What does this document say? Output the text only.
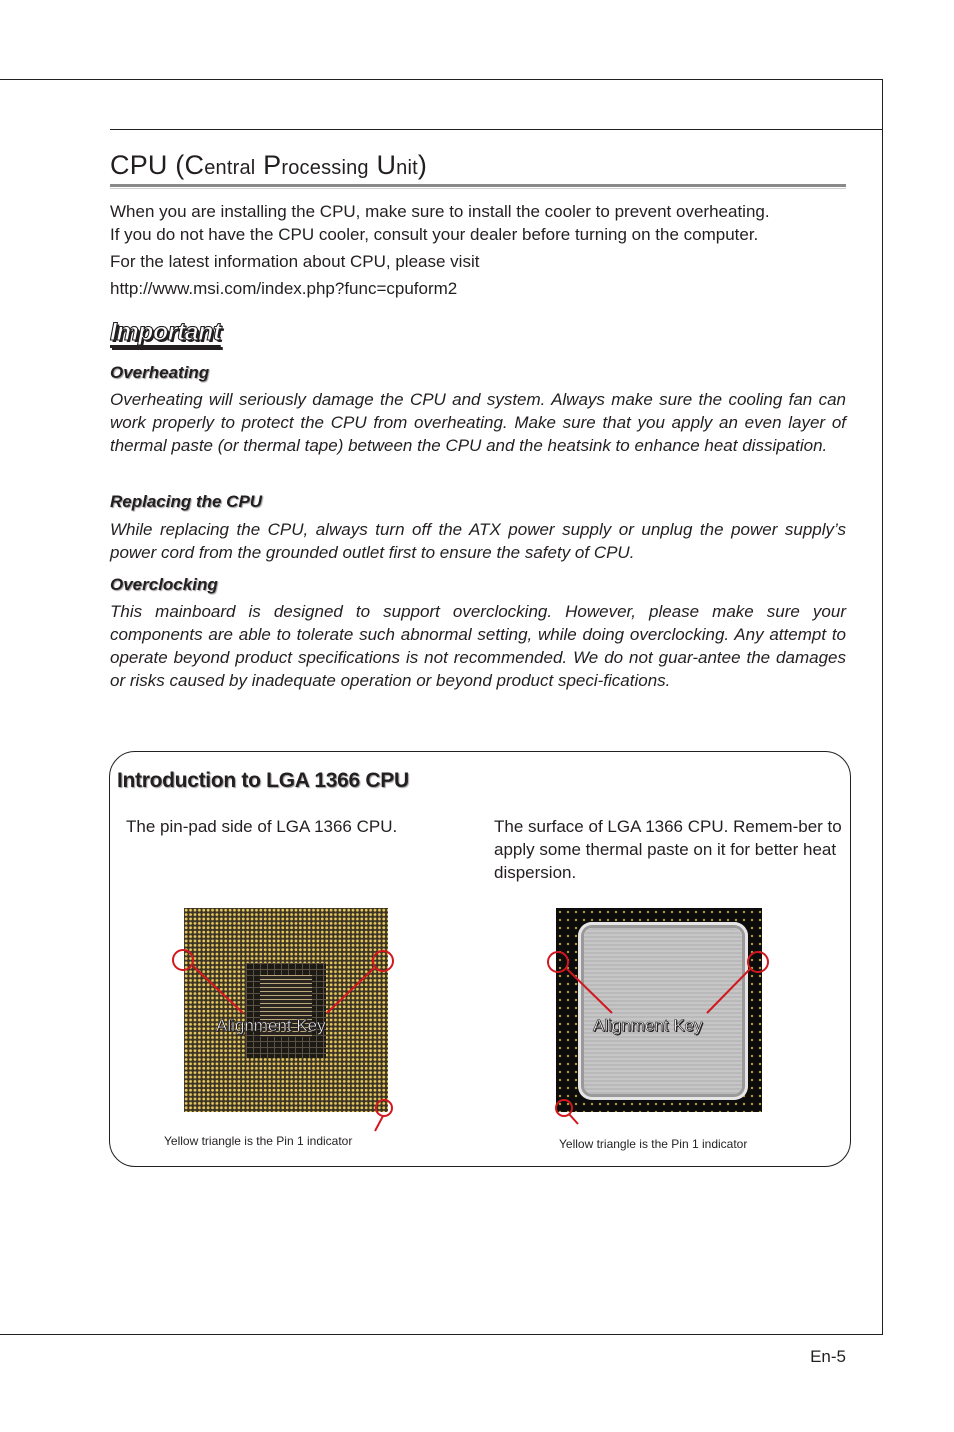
CPU (Central Processing Unit)
When you are installing the CPU, make sure to install the cooler to prevent overheating.
If you do not have the CPU cooler, consult your dealer before turning on the computer.
For the latest information about CPU, please visit
http://www.msi.com/index.php?func=cpuform2
Important
Overheating
Overheating will seriously damage the CPU and system. Always make sure the cooling fan can work properly to protect the CPU from overheating. Make sure that you apply an even layer of thermal paste (or thermal tape) between the CPU and the heatsink to enhance heat dissipation.
Replacing the CPU
While replacing the CPU, always turn off the ATX power supply or unplug the power supply’s power cord from the grounded outlet first to ensure the safety of CPU.
Overclocking
This mainboard is designed to support overclocking. However, please make sure your components are able to tolerate such abnormal setting, while doing overclocking. Any attempt to operate beyond product specifications is not recommended. We do not guar-antee the damages or risks caused by inadequate operation or beyond product speci-fications.
Introduction to LGA 1366 CPU
The pin-pad side of LGA 1366 CPU.	The surface of LGA 1366 CPU. Remem-ber to apply some thermal paste on it for better heat dispersion.
Alignment Key	Alignment Key
Yellow triangle is the Pin 1 indicator	Yellow triangle is the Pin 1 indicator
En-5
